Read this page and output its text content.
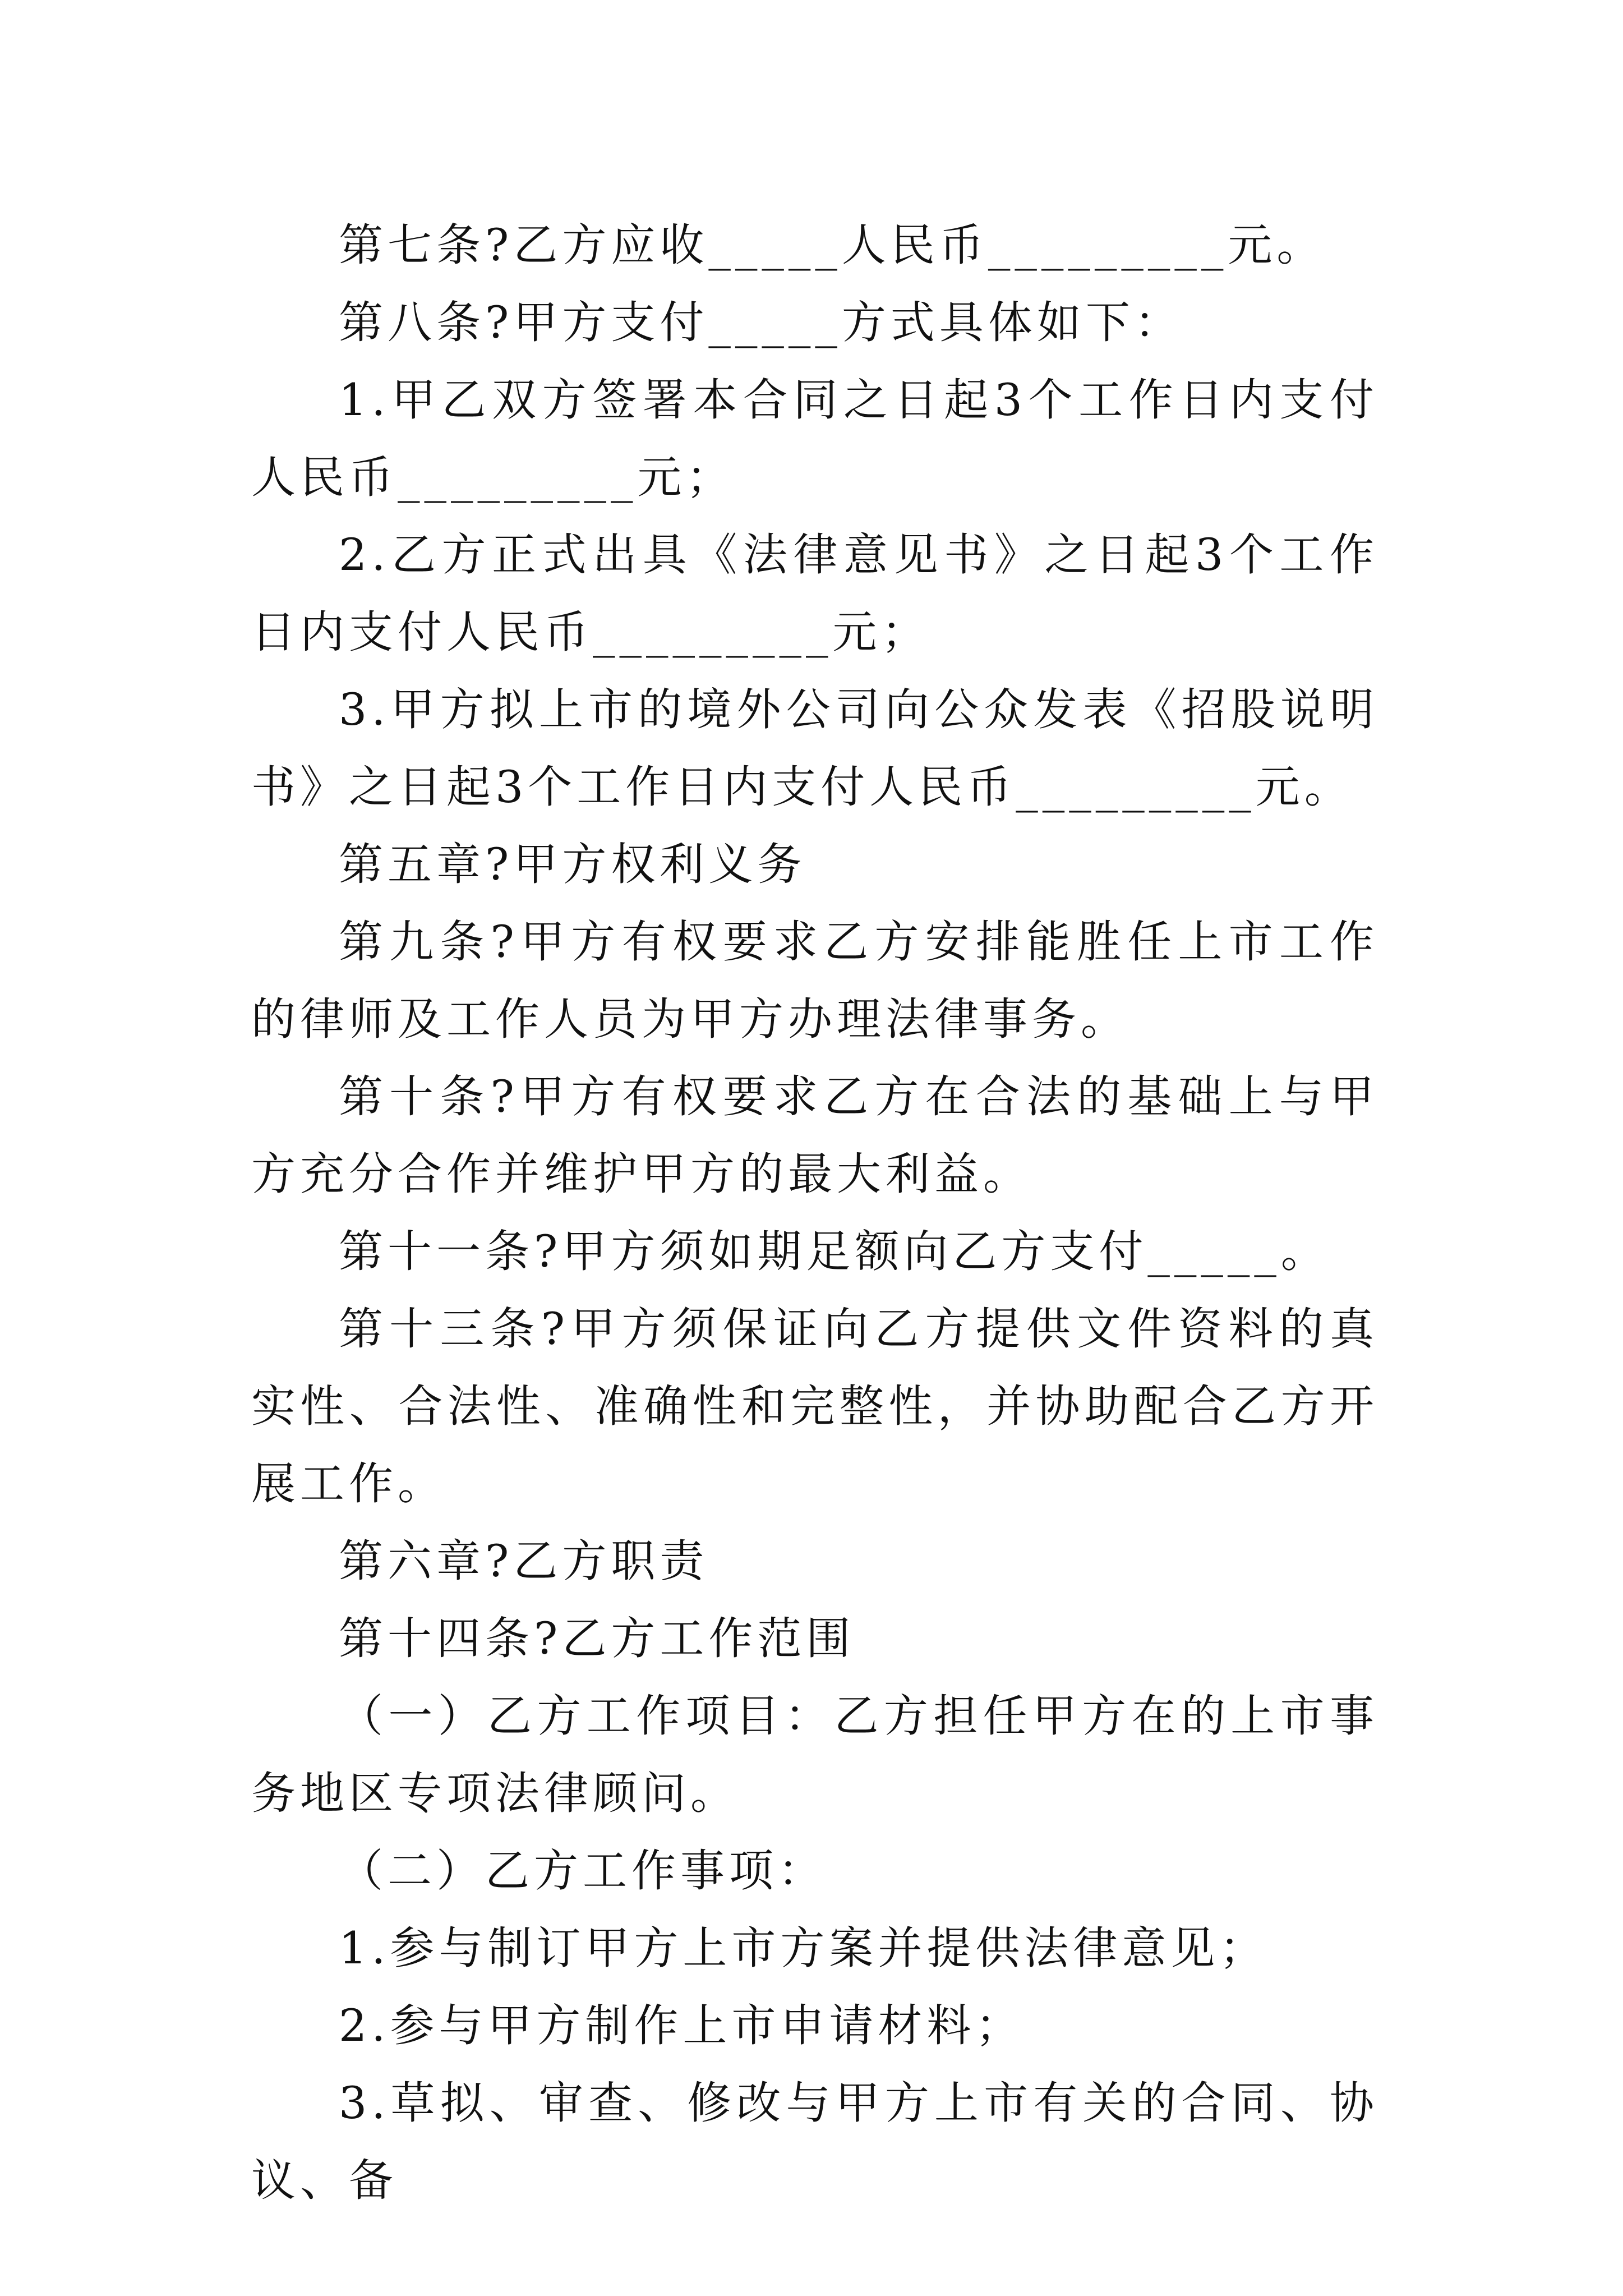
第七条?乙方应收_____人民币_________元。

第八条?甲方支付_____方式具体如下：

1.甲乙双方签署本合同之日起3个工作日内支付人民币_________元；

2.乙方正式出具《法律意见书》之日起3个工作日内支付人民币_________元；

3.甲方拟上市的境外公司向公众发表《招股说明书》之日起3个工作日内支付人民币_________元。

第五章?甲方权利义务

第九条?甲方有权要求乙方安排能胜任上市工作的律师及工作人员为甲方办理法律事务。

第十条?甲方有权要求乙方在合法的基础上与甲方充分合作并维护甲方的最大利益。

第十一条?甲方须如期足额向乙方支付_____。

第十三条?甲方须保证向乙方提供文件资料的真实性、合法性、准确性和完整性，并协助配合乙方开展工作。

第六章?乙方职责

第十四条?乙方工作范围

（一）乙方工作项目：乙方担任甲方在的上市事务地区专项法律顾问。

（二）乙方工作事项：

1.参与制订甲方上市方案并提供法律意见；

2.参与甲方制作上市申请材料；

3.草拟、审查、修改与甲方上市有关的合同、协议、备
